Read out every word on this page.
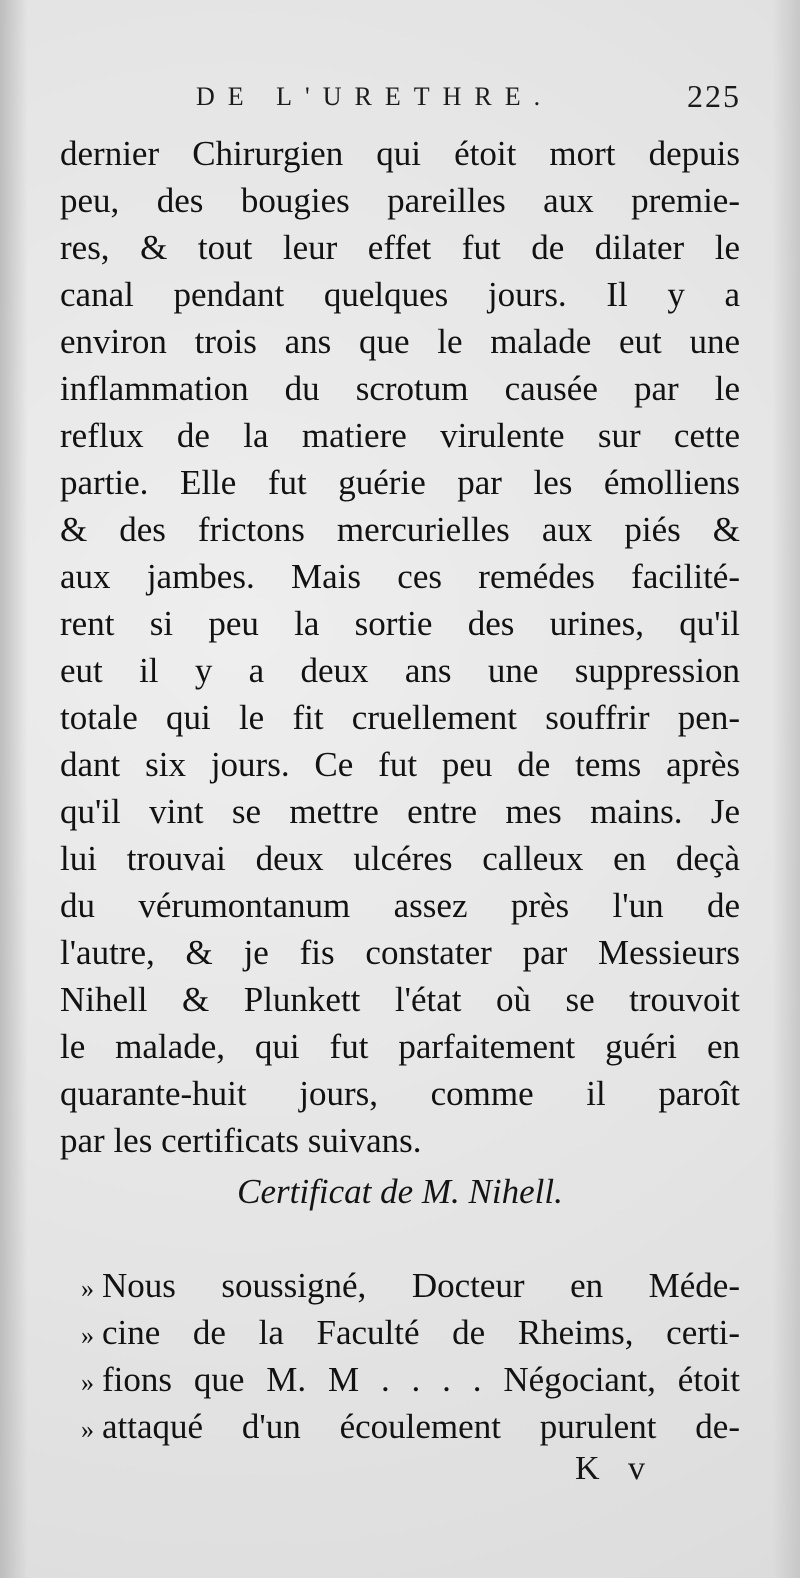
DE L'URETHRE.	225
dernier Chirurgien qui étoit mort depuis
peu, des bougies pareilles aux premie-
res, & tout leur effet fut de dilater le
canal pendant quelques jours. Il y a
environ trois ans que le malade eut une
inflammation du scrotum causée par le
reflux de la matiere virulente sur cette
partie. Elle fut guérie par les émolliens
& des frictons mercurielles aux piés &
aux jambes. Mais ces remédes facilité-
rent si peu la sortie des urines, qu'il
eut il y a deux ans une suppression
totale qui le fit cruellement souffrir pen-
dant six jours. Ce fut peu de tems après
qu'il vint se mettre entre mes mains. Je
lui trouvai deux ulcéres calleux en deçà
du vérumontanum assez près l'un de
l'autre, & je fis constater par Messieurs
Nihell & Plunkett l'état où se trouvoit
le malade, qui fut parfaitement guéri en
quarante-huit jours, comme il paroît
par les certificats suivans.
Certificat de M. Nihell.
» Nous soussigné, Docteur en Méde-
» cine de la Faculté de Rheims, certi-
» fions que M. M . . . . Négociant, étoit
» attaqué d'un écoulement purulent de-
K v
